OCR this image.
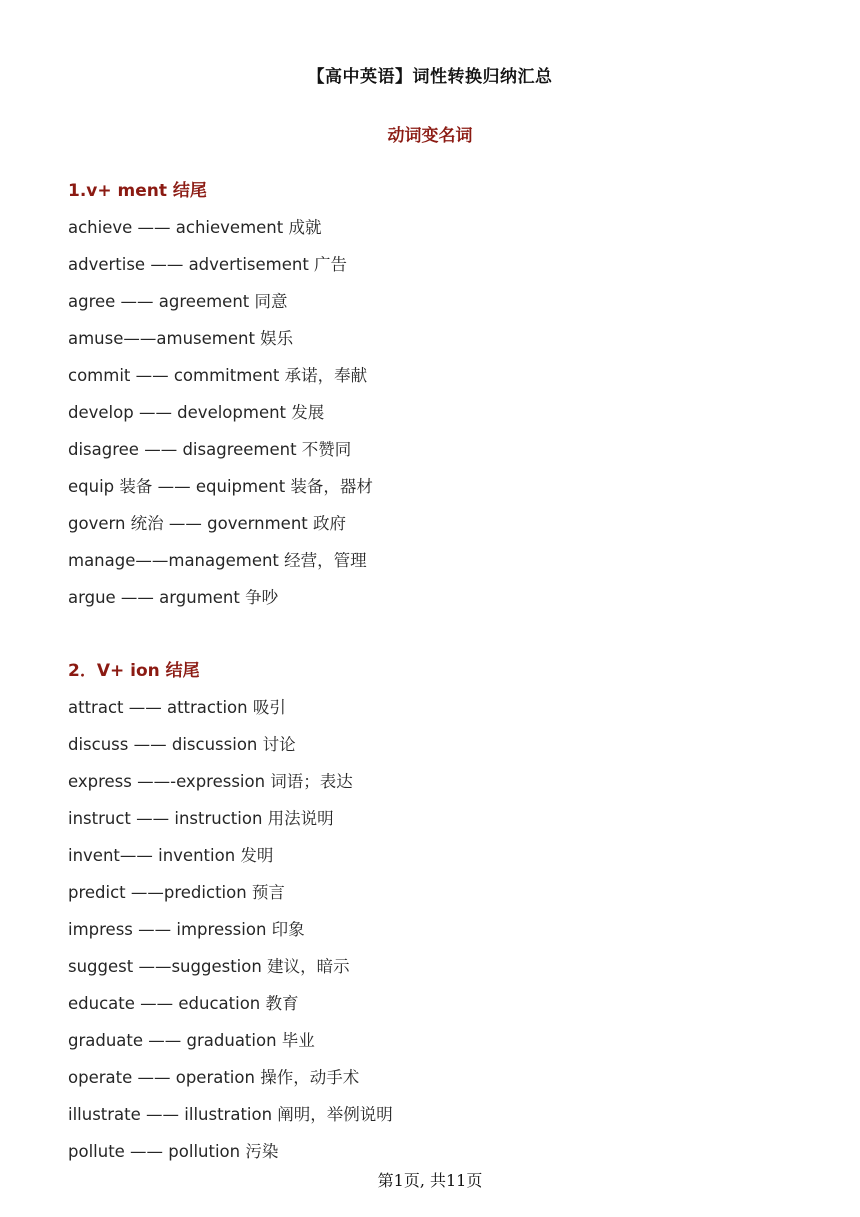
【高中英语】词性转换归纳汇总
动词变名词
1.v+ ment 结尾
achieve —— achievement 成就
advertise —— advertisement 广告
agree —— agreement 同意
amuse——amusement 娱乐
commit —— commitment 承诺，奉献
develop —— development 发展
disagree —— disagreement 不赞同
equip 装备 —— equipment 装备，器材
govern 统治 —— government 政府
manage——management 经营，管理
argue —— argument 争吵
2．V+ ion 结尾
attract —— attraction 吸引
discuss —— discussion 讨论
express ——-expression 词语；表达
instruct —— instruction 用法说明
invent—— invention 发明
predict ——prediction 预言
impress —— impression 印象
suggest ——suggestion 建议，暗示
educate —— education 教育
graduate —— graduation 毕业
operate —— operation 操作，动手术
illustrate —— illustration 阐明，举例说明
pollute —— pollution 污染
第1页, 共11页
